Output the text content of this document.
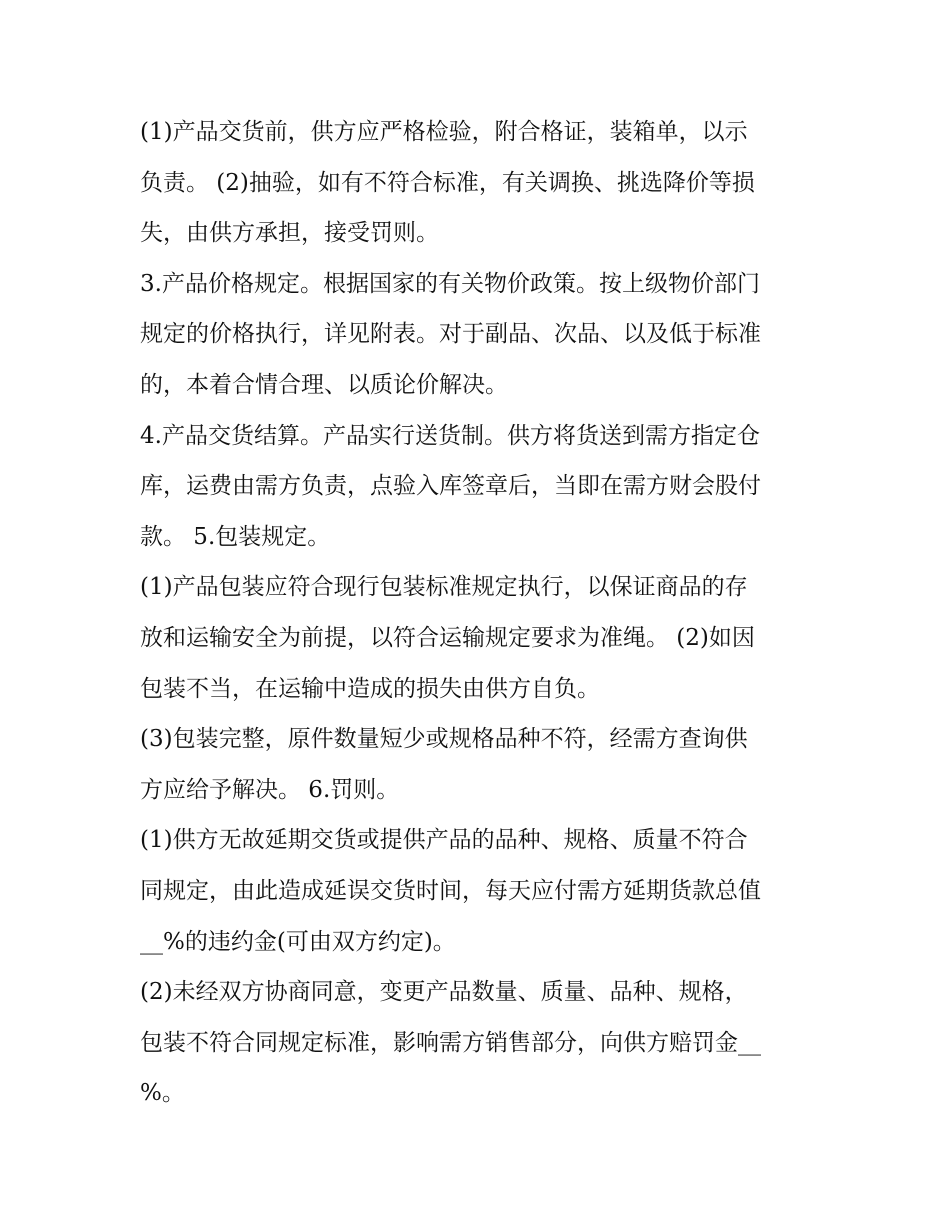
(1)产品交货前，供方应严格检验，附合格证，装箱单，以示
负责。 (2)抽验，如有不符合标准，有关调换、挑选降价等损
失，由供方承担，接受罚则。
3.产品价格规定。根据国家的有关物价政策。按上级物价部门
规定的价格执行，详见附表。对于副品、次品、以及低于标准
的，本着合情合理、以质论价解决。
4.产品交货结算。产品实行送货制。供方将货送到需方指定仓
库，运费由需方负责，点验入库签章后，当即在需方财会股付
款。 5.包装规定。
(1)产品包装应符合现行包装标准规定执行，以保证商品的存
放和运输安全为前提，以符合运输规定要求为准绳。 (2)如因
包装不当，在运输中造成的损失由供方自负。
(3)包装完整，原件数量短少或规格品种不符，经需方查询供
方应给予解决。 6.罚则。
(1)供方无故延期交货或提供产品的品种、规格、质量不符合
同规定，由此造成延误交货时间，每天应付需方延期货款总值
__%的违约金(可由双方约定)。
(2)未经双方协商同意，变更产品数量、质量、品种、规格，
包装不符合同规定标准，影响需方销售部分，向供方赔罚金__
%。
